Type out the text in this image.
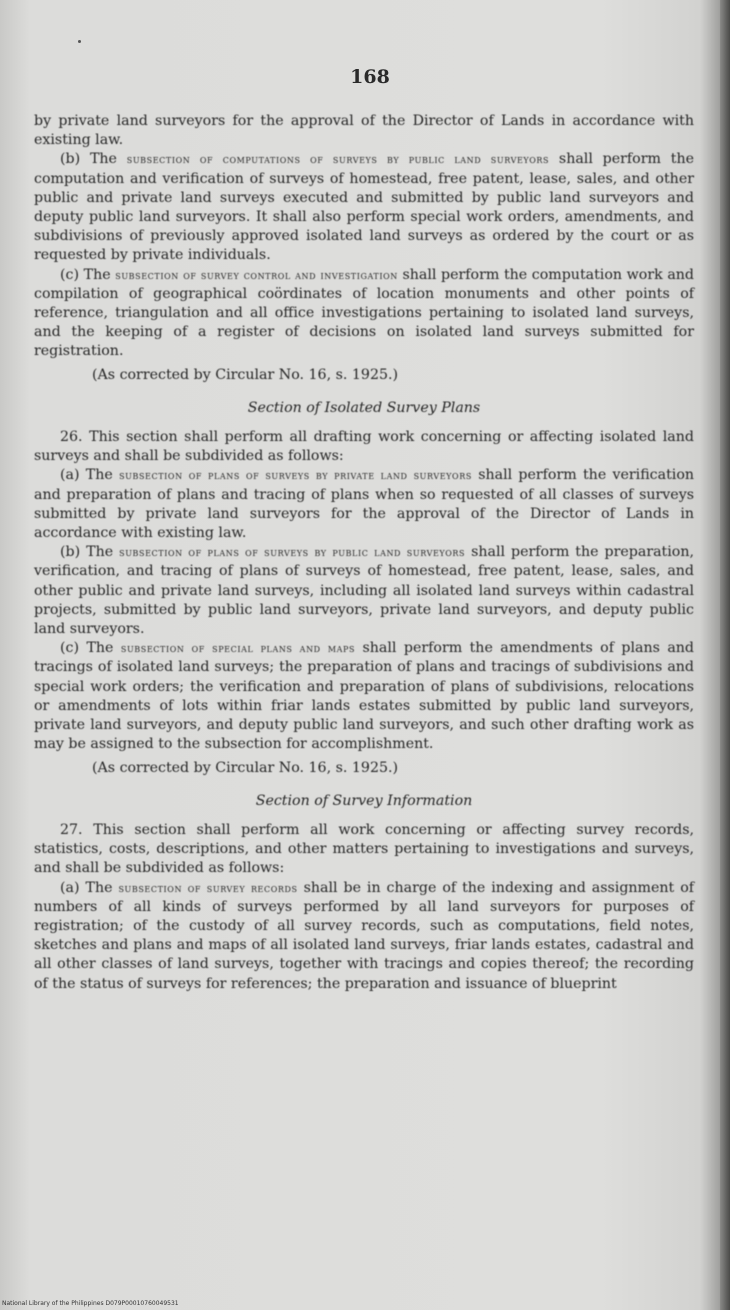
168

by private land surveyors for the approval of the Director of Lands in accordance with existing law.

(b) The subsection of computations of surveys by public land surveyors shall perform the computation and verification of surveys of homestead, free patent, lease, sales, and other public and private land surveys executed and submitted by public land surveyors and deputy public land surveyors. It shall also perform special work orders, amendments, and subdivisions of previously approved isolated land surveys as ordered by the court or as requested by private individuals.

(c) The subsection of survey control and investigation shall perform the computation work and compilation of geographical coördinates of location monuments and other points of reference, triangulation and all office investigations pertaining to isolated land surveys, and the keeping of a register of decisions on isolated land surveys submitted for registration.

(As corrected by Circular No. 16, s. 1925.)

Section of Isolated Survey Plans

26. This section shall perform all drafting work concerning or affecting isolated land surveys and shall be subdivided as follows:

(a) The subsection of plans of surveys by private land surveyors shall perform the verification and preparation of plans and tracing of plans when so requested of all classes of surveys submitted by private land surveyors for the approval of the Director of Lands in accordance with existing law.

(b) The subsection of plans of surveys by public land surveyors shall perform the preparation, verification, and tracing of plans of surveys of homestead, free patent, lease, sales, and other public and private land surveys, including all isolated land surveys within cadastral projects, submitted by public land surveyors, private land surveyors, and deputy public land surveyors.

(c) The subsection of special plans and maps shall perform the amendments of plans and tracings of isolated land surveys; the preparation of plans and tracings of subdivisions and special work orders; the verification and preparation of plans of subdivisions, relocations or amendments of lots within friar lands estates submitted by public land surveyors, private land surveyors, and deputy public land surveyors, and such other drafting work as may be assigned to the subsection for accomplishment.

(As corrected by Circular No. 16, s. 1925.)

Section of Survey Information

27. This section shall perform all work concerning or affecting survey records, statistics, costs, descriptions, and other matters pertaining to investigations and surveys, and shall be subdivided as follows:

(a) The subsection of survey records shall be in charge of the indexing and assignment of numbers of all kinds of surveys performed by all land surveyors for purposes of registration; of the custody of all survey records, such as computations, field notes, sketches and plans and maps of all isolated land surveys, friar lands estates, cadastral and all other classes of land surveys, together with tracings and copies thereof; the recording of the status of surveys for references; the preparation and issuance of blueprint

National Library of the Philippines D079P00010760049531
